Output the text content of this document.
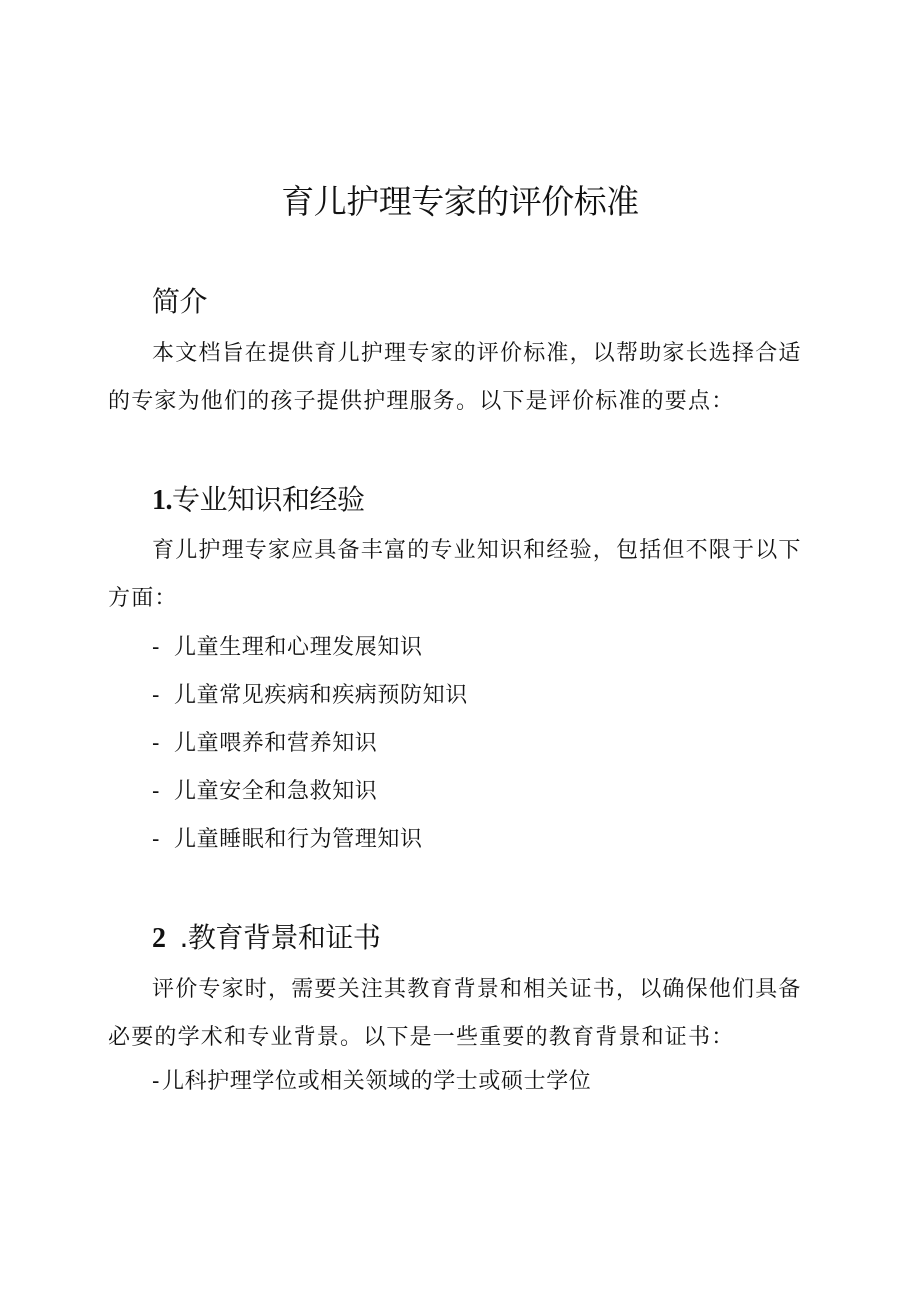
育儿护理专家的评价标准
简介

本文档旨在提供育儿护理专家的评价标准，以帮助家长选择合适的专家为他们的孩子提供护理服务。以下是评价标准的要点：

1.专业知识和经验

育儿护理专家应具备丰富的专业知识和经验，包括但不限于以下方面：

- 儿童生理和心理发展知识

- 儿童常见疾病和疾病预防知识

- 儿童喂养和营养知识

- 儿童安全和急救知识

- 儿童睡眠和行为管理知识

2 .教育背景和证书

评价专家时，需要关注其教育背景和相关证书，以确保他们具备必要的学术和专业背景。以下是一些重要的教育背景和证书：

-儿科护理学位或相关领域的学士或硕士学位
